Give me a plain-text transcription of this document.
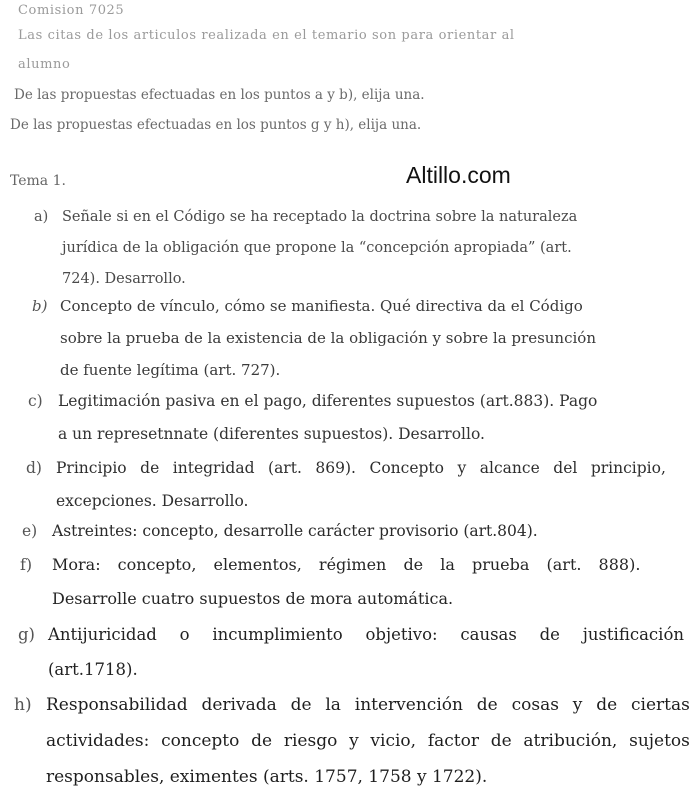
Comision 7025
Las citas de los articulos realizada en el temario son para orientar al
alumno
De las propuestas efectuadas en los puntos a y b), elija una.
De las propuestas efectuadas en los puntos g y h), elija una.
Altillo.com
Tema 1.
a) Señale si en el Código se ha receptado la doctrina sobre la naturaleza
jurídica de la obligación que propone la “concepción apropiada” (art.
724). Desarrollo.
b) Concepto de vínculo, cómo se manifiesta. Qué directiva da el Código
sobre la prueba de la existencia de la obligación y sobre la presunción
de fuente legítima (art. 727).
c) Legitimación pasiva en el pago, diferentes supuestos (art.883). Pago
a un represetnnate (diferentes supuestos). Desarrollo.
d) Principio de integridad (art. 869). Concepto y alcance del principio,
excepciones. Desarrollo.
e) Astreintes: concepto, desarrolle carácter provisorio (art.804).
f) Mora: concepto, elementos, régimen de la prueba (art. 888).
Desarrolle cuatro supuestos de mora automática.
g) Antijuricidad o incumplimiento objetivo: causas de justificación
(art.1718).
h) Responsabilidad derivada de la intervención de cosas y de ciertas
actividades: concepto de riesgo y vicio, factor de atribución, sujetos
responsables, eximentes (arts. 1757, 1758 y 1722).
